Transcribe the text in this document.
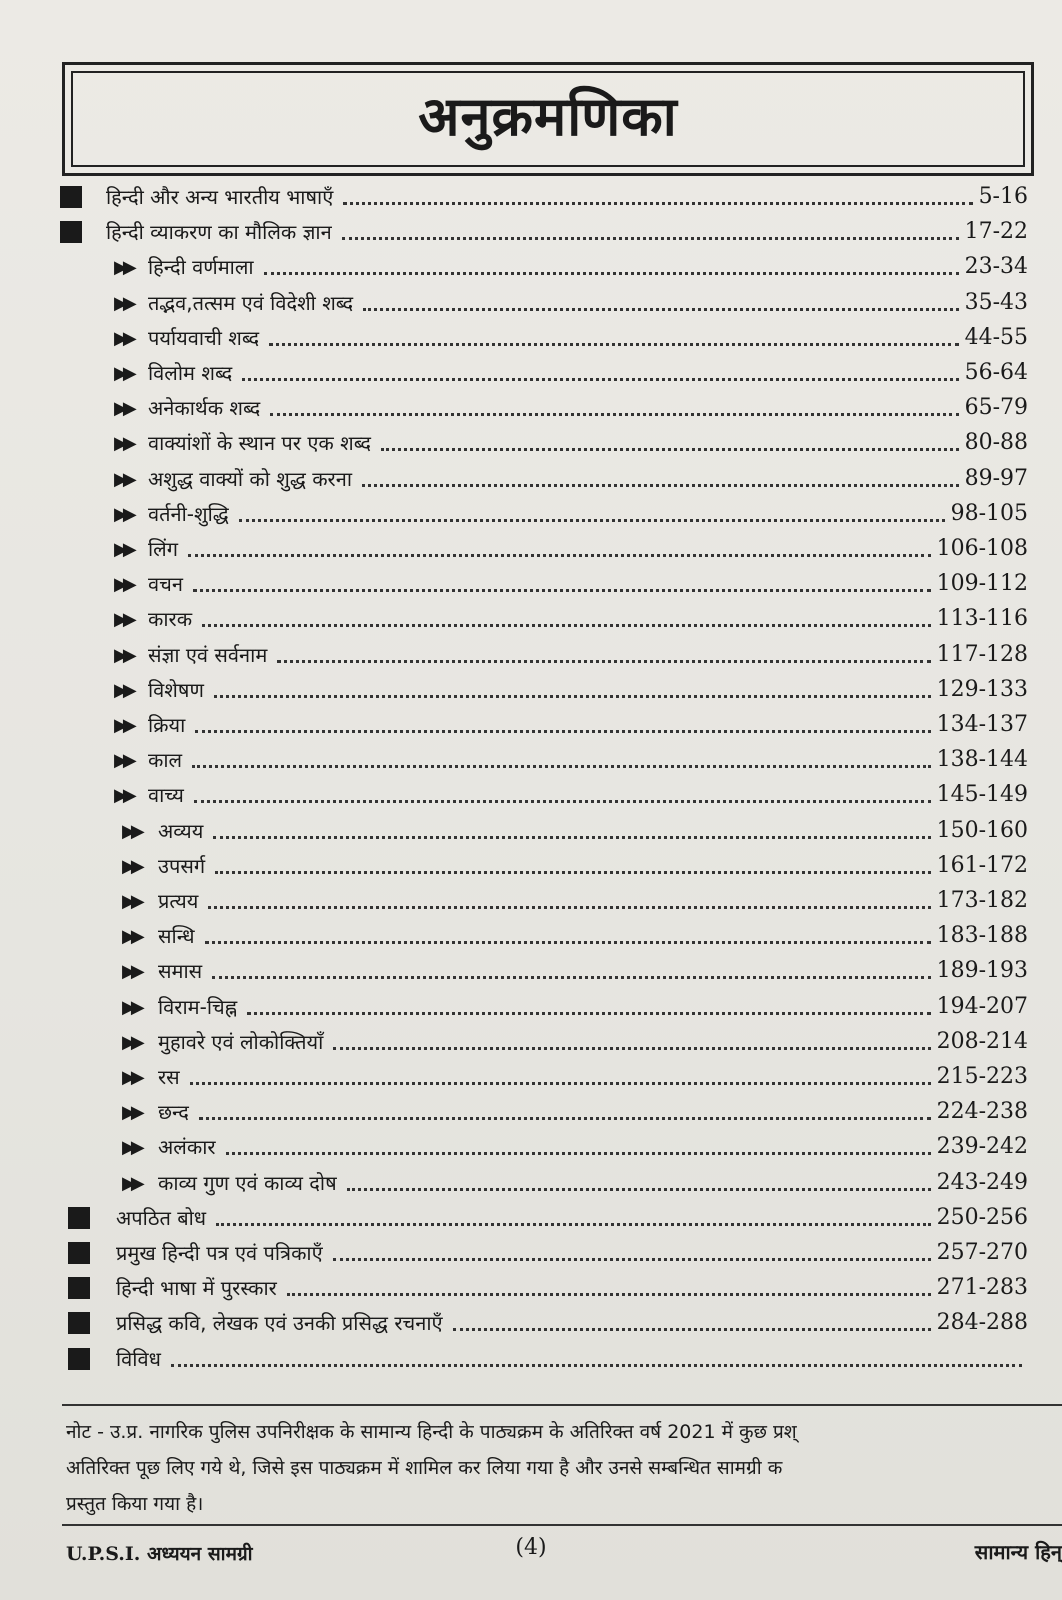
अनुक्रमणिका
हिन्दी और अन्य भारतीय भाषाएँ	5-16
हिन्दी व्याकरण का मौलिक ज्ञान	17-22
▶▶ हिन्दी वर्णमाला	23-34
▶▶ तद्भव,तत्सम एवं विदेशी शब्द	35-43
▶▶ पर्यायवाची शब्द	44-55
▶▶ विलोम शब्द	56-64
▶▶ अनेकार्थक शब्द	65-79
▶▶ वाक्यांशों के स्थान पर एक शब्द	80-88
▶▶ अशुद्ध वाक्यों को शुद्ध करना	89-97
▶▶ वर्तनी-शुद्धि	98-105
▶▶ लिंग	106-108
▶▶ वचन	109-112
▶▶ कारक	113-116
▶▶ संज्ञा एवं सर्वनाम	117-128
▶▶ विशेषण	129-133
▶▶ क्रिया	134-137
▶▶ काल	138-144
▶▶ वाच्य	145-149
▶▶ अव्यय	150-160
▶▶ उपसर्ग	161-172
▶▶ प्रत्यय	173-182
▶▶ सन्धि	183-188
▶▶ समास	189-193
▶▶ विराम-चिह्न	194-207
▶▶ मुहावरे एवं लोकोक्तियाँ	208-214
▶▶ रस	215-223
▶▶ छन्द	224-238
▶▶ अलंकार	239-242
▶▶ काव्य गुण एवं काव्य दोष	243-249
अपठित बोध	250-256
प्रमुख हिन्दी पत्र एवं पत्रिकाएँ	257-270
हिन्दी भाषा में पुरस्कार	271-283
प्रसिद्ध कवि, लेखक एवं उनकी प्रसिद्ध रचनाएँ	284-288
विविध

नोट - उ.प्र. नागरिक पुलिस उपनिरीक्षक के सामान्य हिन्दी के पाठ्यक्रम के अतिरिक्त वर्ष 2021 में कुछ प्रश्

अतिरिक्त पूछ लिए गये थे, जिसे इस पाठ्यक्रम में शामिल कर लिया गया है और उनसे सम्बन्धित सामग्री क

प्रस्तुत किया गया है।

U.P.S.I. अध्ययन सामग्री	(4)	सामान्य हिन्
